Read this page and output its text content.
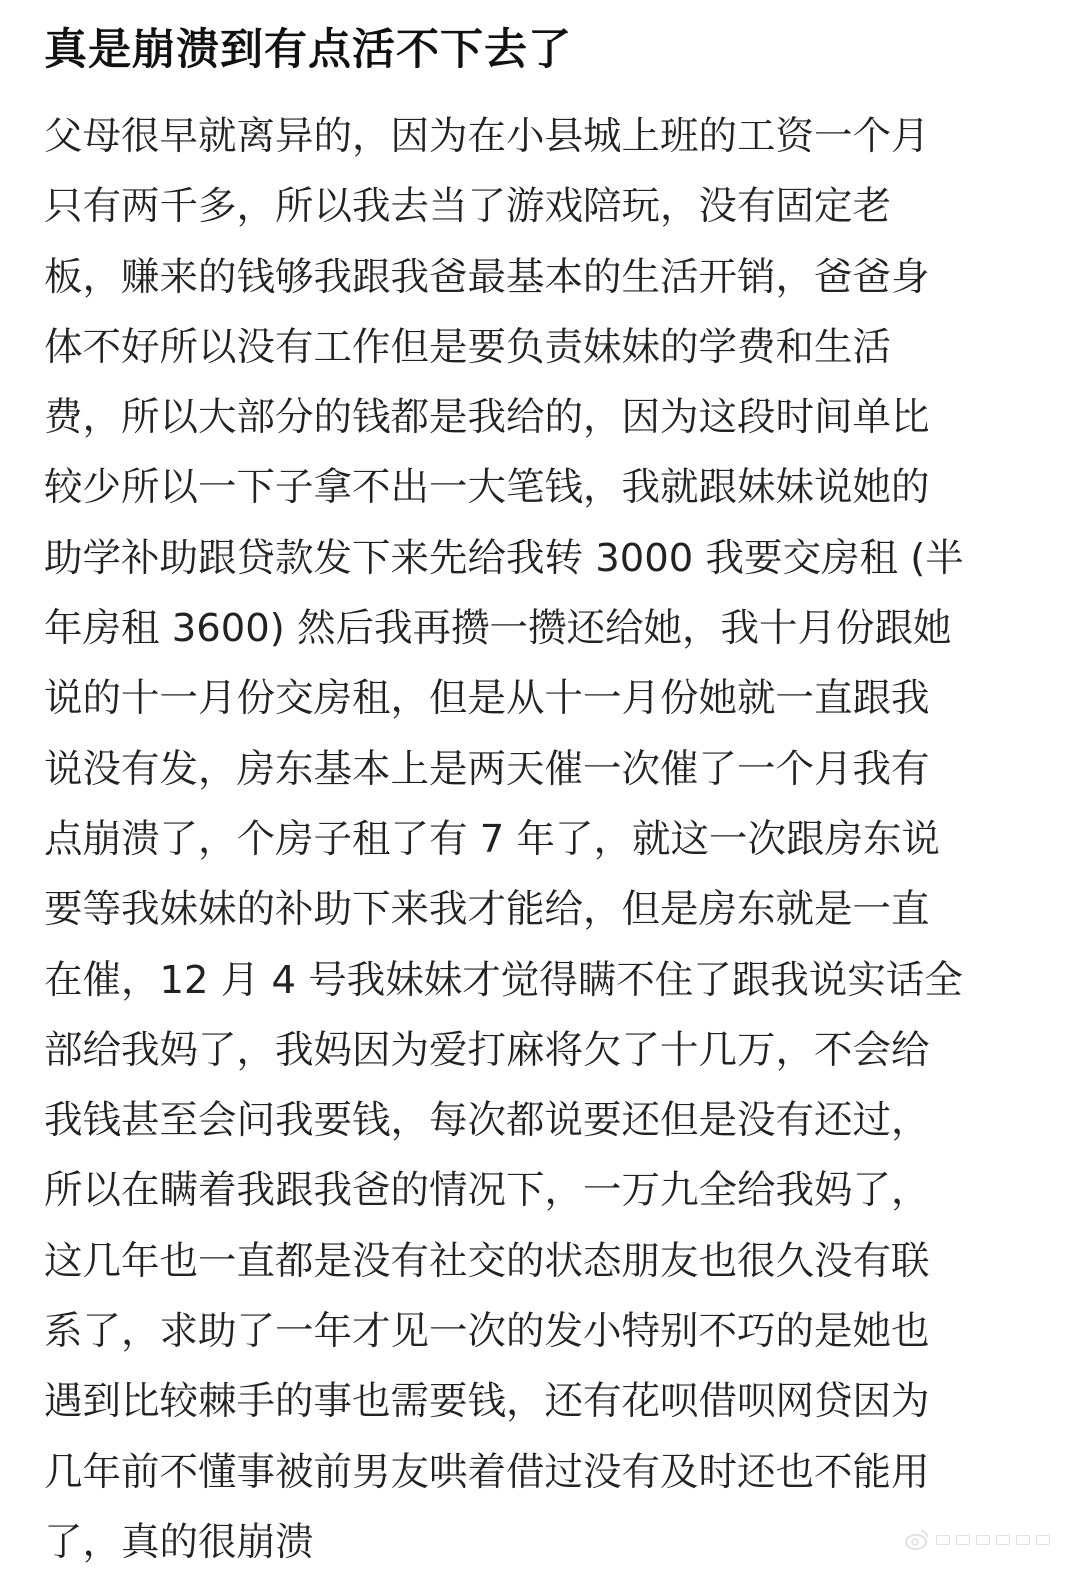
真是崩溃到有点活不下去了
父母很早就离异的，因为在小县城上班的工资一个月
只有两千多，所以我去当了游戏陪玩，没有固定老
板，赚来的钱够我跟我爸最基本的生活开销，爸爸身
体不好所以没有工作但是要负责妹妹的学费和生活
费，所以大部分的钱都是我给的，因为这段时间单比
较少所以一下子拿不出一大笔钱，我就跟妹妹说她的
助学补助跟贷款发下来先给我转 3000 我要交房租 (半
年房租 3600) 然后我再攒一攒还给她，我十月份跟她
说的十一月份交房租，但是从十一月份她就一直跟我
说没有发，房东基本上是两天催一次催了一个月我有
点崩溃了，个房子租了有 7 年了，就这一次跟房东说
要等我妹妹的补助下来我才能给，但是房东就是一直
在催，12 月 4 号我妹妹才觉得瞒不住了跟我说实话全
部给我妈了，我妈因为爱打麻将欠了十几万，不会给
我钱甚至会问我要钱，每次都说要还但是没有还过，
所以在瞒着我跟我爸的情况下，一万九全给我妈了，
这几年也一直都是没有社交的状态朋友也很久没有联
系了，求助了一年才见一次的发小特别不巧的是她也
遇到比较棘手的事也需要钱，还有花呗借呗网贷因为
几年前不懂事被前男友哄着借过没有及时还也不能用
了，真的很崩溃
